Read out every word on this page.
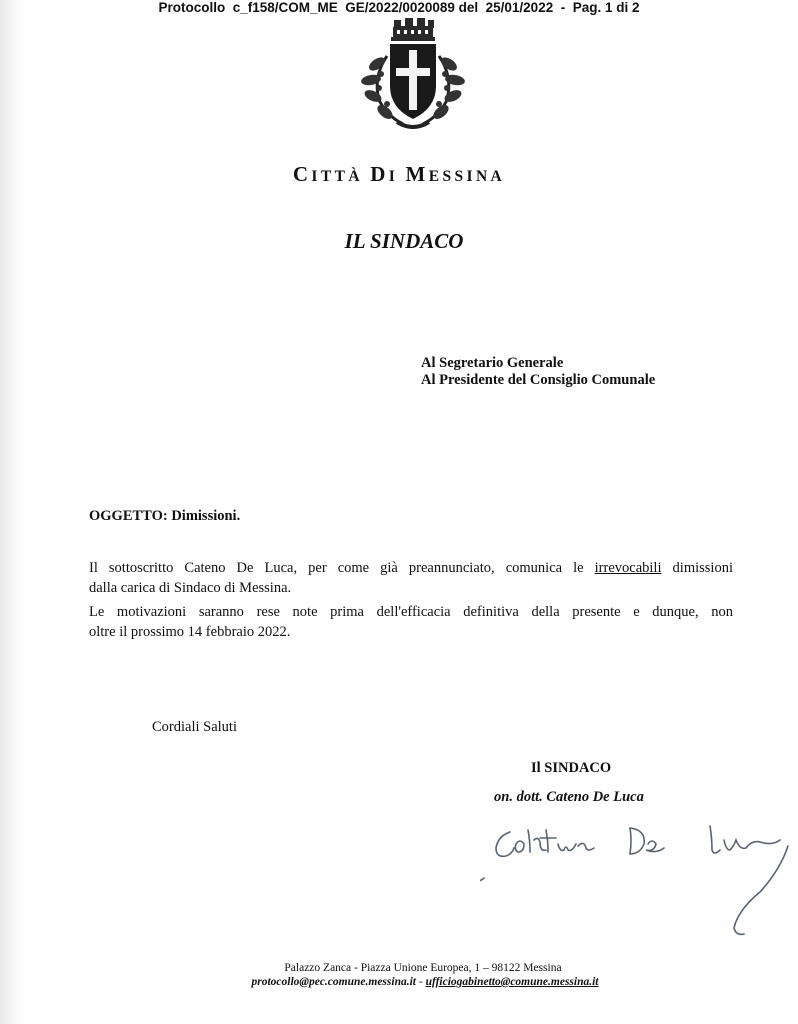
Protocollo  c_f158/COM_ME  GE/2022/0020089 del  25/01/2022  -  Pag. 1 di 2
CITTÀ DI MESSINA
IL SINDACO
Al Segretario Generale
Al Presidente del Consiglio Comunale
OGGETTO: Dimissioni.
Il sottoscritto Cateno De Luca, per come già preannunciato, comunica le irrevocabili dimissioni
dalla carica di Sindaco di Messina.
Le motivazioni saranno rese note prima dell'efficacia definitiva della presente e dunque, non
oltre il prossimo 14 febbraio 2022.
Cordiali Saluti
Il SINDACO
on. dott. Cateno De Luca
Palazzo Zanca - Piazza Unione Europea, 1 – 98122 Messina
protocollo@pec.comune.messina.it - ufficiogabinetto@comune.messina.it
